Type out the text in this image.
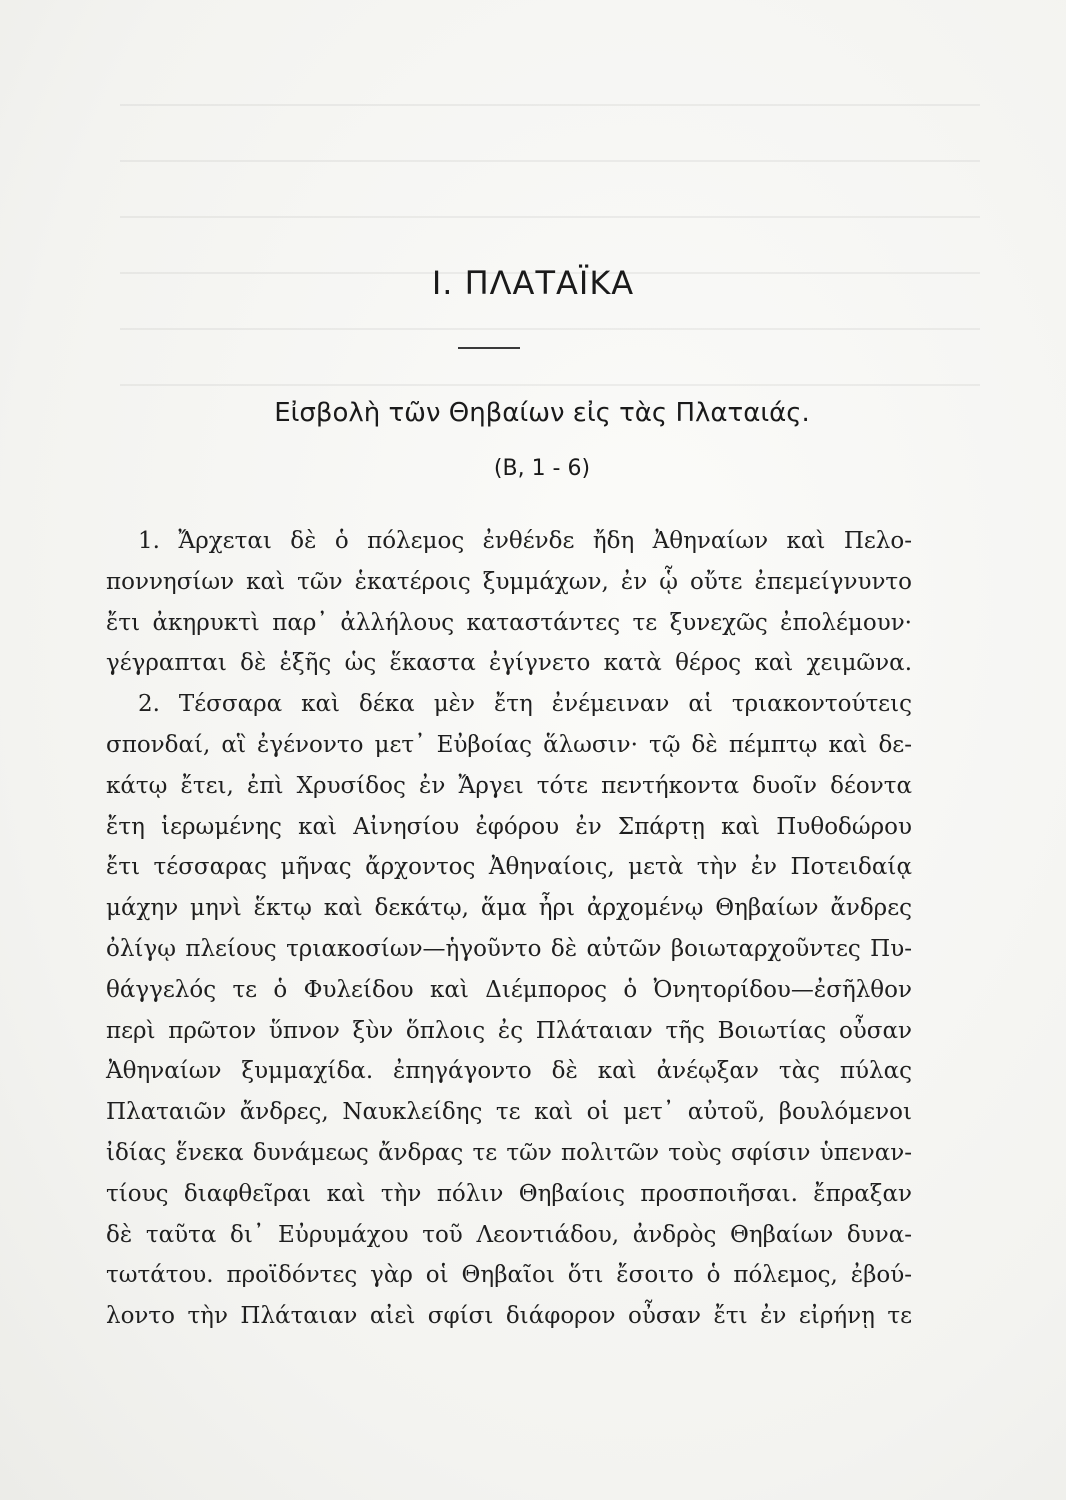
I. ΠΛΑΤΑΪΚΑ
Εἰσβολὴ τῶν Θηβαίων εἰς τὰς Πλαταιάς.
(B, 1 - 6)
1. Ἄρχεται δὲ ὁ πόλεμος ἐνθένδε ἤδη Ἀθηναίων καὶ Πελο-
ποννησίων καὶ τῶν ἑκατέροις ξυμμάχων, ἐν ᾧ οὔτε ἐπεμείγνυντο
ἔτι ἀκηρυκτὶ παρ᾽ ἀλλήλους καταστάντες τε ξυνεχῶς ἐπολέμουν·
γέγραπται δὲ ἑξῆς ὡς ἕκαστα ἐγίγνετο κατὰ θέρος καὶ χειμῶνα.
2. Τέσσαρα καὶ δέκα μὲν ἔτη ἐνέμειναν αἱ τριακοντούτεις
σπονδαί, αἳ ἐγένοντο μετ᾽ Εὐβοίας ἅλωσιν· τῷ δὲ πέμπτῳ καὶ δε-
κάτῳ ἔτει, ἐπὶ Χρυσίδος ἐν Ἄργει τότε πεντήκοντα δυοῖν δέοντα
ἔτη ἱερωμένης καὶ Αἰνησίου ἐφόρου ἐν Σπάρτῃ καὶ Πυθοδώρου
ἔτι τέσσαρας μῆνας ἄρχοντος Ἀθηναίοις, μετὰ τὴν ἐν Ποτειδαίᾳ
μάχην μηνὶ ἕκτῳ καὶ δεκάτῳ, ἅμα ἦρι ἀρχομένῳ Θηβαίων ἄνδρες
ὀλίγῳ πλείους τριακοσίων—ἡγοῦντο δὲ αὐτῶν βοιωταρχοῦντες Πυ-
θάγγελός τε ὁ Φυλείδου καὶ Διέμπορος ὁ Ὀνητορίδου—ἐσῆλθον
περὶ πρῶτον ὕπνον ξὺν ὅπλοις ἐς Πλάταιαν τῆς Βοιωτίας οὖσαν
Ἀθηναίων ξυμμαχίδα. ἐπηγάγοντο δὲ καὶ ἀνέῳξαν τὰς πύλας
Πλαταιῶν ἄνδρες, Ναυκλείδης τε καὶ οἱ μετ᾽ αὐτοῦ, βουλόμενοι
ἰδίας ἕνεκα δυνάμεως ἄνδρας τε τῶν πολιτῶν τοὺς σφίσιν ὑπεναν-
τίους διαφθεῖραι καὶ τὴν πόλιν Θηβαίοις προσποιῆσαι. ἔπραξαν
δὲ ταῦτα δι᾽ Εὐρυμάχου τοῦ Λεοντιάδου, ἀνδρὸς Θηβαίων δυνα-
τωτάτου. προϊδόντες γὰρ οἱ Θηβαῖοι ὅτι ἔσοιτο ὁ πόλεμος, ἐβού-
λοντο τὴν Πλάταιαν αἰεὶ σφίσι διάφορον οὖσαν ἔτι ἐν εἰρήνῃ τε
